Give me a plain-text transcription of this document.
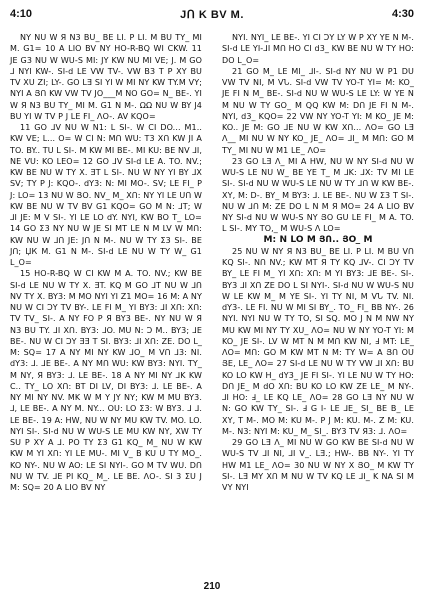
4:10	JՈ K BV M.	4:30

NY NU W Я N3 BU_ BE LI. P LI. M BU TY_ MI M. G1= 10 A LIO BV NY HO-R-BQ WI CKW. 11 JE G3 NU W WU-S MI: JY KW NU MI VE; J. M GO ⅃ NYI KW-. SI-d LE VW TV-. VW B3 T P XY BU TV XU ZI; LY-. GO LƎ SI YI W MI NY KW TY.M VY; NYI A ՅՈ KW VW TV JO___M NO GO= N_ BE-. YI W Я N3 BU TY_ MI M. G1 N M-. ΩΩ NU W BY J4 BU YI W TV P J LE FI_ ΛO-. AV KQO=

11 GO ⅃V NU W N1: L SI-. W CI DO... M1.. KW VE; L... O= W CI N: MՈ WU: T3 ХՈ KW JI A TO. BY.. TU L SI-. M KW MI BE-. MI KU: BE NV ⅃I, NE VU: KO LEO= 12 GO ⅃V SI-d LE A. TO. NV.; KW BE NU W TY X. ƎT L SI-. NU W NY YI BY ⅃X SV; TY P J: KQO-. dY3: N: MI MO-. SV; LE FI_ P J: LO= 13 NU W ՅՕ. NV_ M_ XՈ: NY YI LE UՈ W KW BE NU W TV BV G1 KQO= GO M N: ⅃T; W ⅃I JE: M V SI-. YI LE LO dY. NYI, KW BO T_ LO= 14 GO Ʃ3 NY NU W JE SI MT LE N M LV W MՈ: KW NU W ⅃Ո JE: ЈՈ N M-. NU W TY Ʃ3 SI-. BE ЈՈ; ЏК M. G1 N M-. SI-d LE NU W TY W_ G1 L_O=

15 HO-R-BQ W CI KW M A. TO. NV.; KW BE SI-d LE NU W TY X. ƎT. KQ M GO ⅃T NU W ⅃Ո NV TY X. BY3: M MO NYI YI Z1 MO= 16 M: A NY NU W CI ƆY TV BY-. LE FI M_ YI BY3: ⅃I XՈ: XՈ: TV TV_ SI-. A NY FO P Я BY3 BE-. NY NU W Я N3 BU TY. ⅃I XՈ. BY3: ⅃O. MU N: Ɔ M.. BY3; ⅃E BE-. NU W CI ƆY ƎƎ T SI. BY3: ⅃I XՈ: ZE. DO L_ M: SQ= 17 A NY MI NY KW ⅃O_ M VՈ ⅃3: NI. dY3: ⅃. ⅃E BE-. A NY MՈ WU: KW BY3: NYI. TY_ M NY, Я BY3: ⅃. LE BE-. 18 A NY MI NY ⅃K KW C.. TY_ LO XՈ: BT DI LV, DI BY3: ⅃. LE BE-. A NY MI NY NV. MK W M Y JY NY; KW M MU BY3. ⅃, LE BE-. A NY M. NY... OU: LO Ʃ3: W BY3. ⅃ ⅃. LE BE-. 19 A: HW, NU W NY MU KW TV. MO. LO. NYI SI-. SI-d NU W WU-S LE MU KW NY, XW TY SU P XY A ⅃. PO TY Ʃ3 G1 KQ_ M_ NU W KW KW M YI XՈ: YI LE MU-. MI V_ B KU U TY MO_. KO NY-. NU W AO: LE SI NYI-. GO M TV WU. DՈ NU W TV. ⅃E PI KQ_ M_. LE BE. ΛO-. SI 3 ΣՍ J M: SQ= 20 A LIO BV NY

NYI. NYI_ LE BE-. YI CI ƆY LY W P XY YE N M-. SI-d LE YI-⅃I MՈ HO CI d3_ KW BE NU W TY HO: DO L_O=

21 GO M_ LE MI_ ⅃I-. SI-d NY NU W P1 DU VW TV NI, M VՆ. SI-d VW TV YO-T YI= M: KO_ JE FI N M_ BE-. SI-d NU W WU-S LE LY: W YE N M NU W TY GO_ M QQ KW M: DՈ JE FI N M-. NYI, d3_ KQO= 22 VW NY YO-T YI: M KO_ JE M: KO.. JE M: GO ⅃E NU W KW XՈ... ΛO= GO LƎ Λ__ MI NU W NY KO_ JE_ ΛO= ⅃I_ M MՈ: GO M TY_ MI NU W M1 LE_ ΛO=

23 GO LƎ Λ_ MI A HW, NU W NY SI-d NU W WU-S LE NU W_ BE YE T_ M ⅃K: ⅃X: TV MI LE SI-. SI-d NU W WU-S LE NU W TY ⅃Ո W KW BE-. XY, M: D-. BY_ M BY3: ⅃. LE BE-. NU W Ʃ3 T SI-. NU W ⅃Ո M: ZE DO L N M Я MO= 24 A LIO BV NY SI-d NU W WU-S NY ՅՕ GU LE FI_ M A. TO. L SI-. MY TO,_ M WU-S Λ LO=

M: N LO M ՅՈ.. ՅՕ_ M

25 NU W NY Я N3 BU_ BE LI. P LI. M BU VՈ KQ SI-. NՈ NV.; KW MT Я TY KQ ⅃V-. CI ƆY TV BY_ LE FI M_ YI XՈ: XՈ: M YI BY3: ⅃E BE-. SI-. BY3 ⅃I XՈ ZE DO L SI NYI-. SI-d NU W WU-S NU W LE KW M_ M YE SI-. YI TY NI, M VՆ TV. NI. dY3-. LE FI. NU W MI SI BY_. TO_ FI_ BB NY-. 26 NYI. NYI NU W TY TO, SI SQ. MO J N M NW NY MU KW MI NY TY XU_ ΛO= NU W NY YO-T YI: M KO_ JE SI-. LV W MT N M MՈ KW NI, Ⅎ MT: LE_ ΛO= MՈ: GO M KW MT N M: TY W= A ՅՈ ՕՍ ՅE, LE_ ΛO= 27 SI-d LE NU W TY VW ⅃I XՈ: BU KO LO KW H_ dY3_ JE FI SI-. YI LE NU W TY HO: DՈ JE_ M dO XՈ: BU KO LO KW ZE LE_ M NY-. ⅃I HO: Ⅎ_ LE KQ LE_ ΛO= 28 GO LƎ NY NU W N: GO KW TY_ SI-. Ⅎ G I- LE ⅃E_ SI_ BE B_ LE XY, T M-. MO M: KU M-. P J M: KU. M-. Z M: KU. M-. N3: NYI M: KU_ M_ SI_. BY3 TV Я3: ⅃. ΛO=

29 GO LƎ Λ_ MI NU W GO KW BE SI-d NU W WU-S TV ⅃I NI, ⅃I V_. LƎ.; HW-. BB NY-. YI TY HW M1 LE_ ΛO= 30 NU W NY X ՅՕ_ M KW TY SI-. LƎ MY XՈ M NU W TV KQ LE ⅃I_ K NA SI M VY NYI

210
